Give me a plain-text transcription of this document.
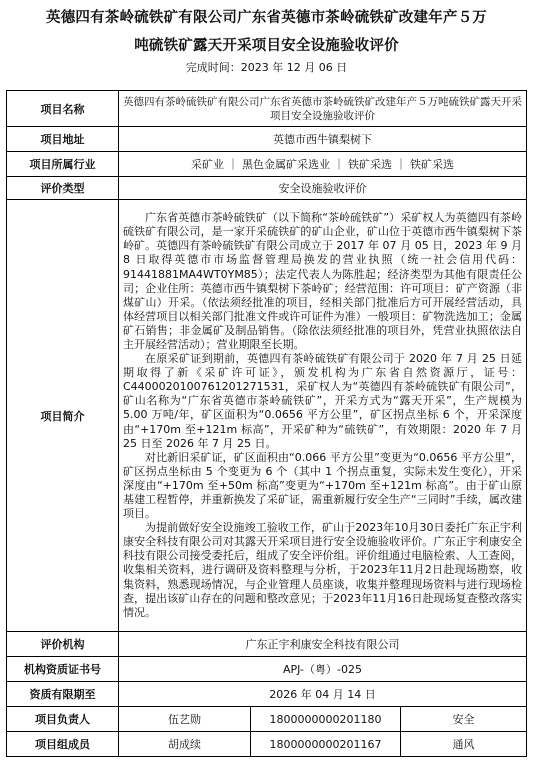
英德四有茶岭硫铁矿有限公司广东省英德市茶岭硫铁矿改建年产５万
吨硫铁矿露天开采项目安全设施验收评价
完成时间：2023 年 12 月 06 日
项目名称	英德四有茶岭硫铁矿有限公司广东省英德市茶岭硫铁矿改建年产５万吨硫铁矿露天开采项目安全设施验收评价		
项目地址	英德市西牛镇梨树下		
项目所属行业	采矿业 ｜ 黑色金属矿采选业 ｜ 铁矿采选 ｜ 铁矿采选		
评价类型	安全设施验收评价		
项目简介	广东省英德市茶岭硫铁矿（以下简称“茶岭硫铁矿”）采矿权人为英德四有茶岭硫铁矿有限公司，是一家开采硫铁矿的矿山企业，矿山位于英德市西牛镇梨树下茶岭矿。英德四有茶岭硫铁矿有限公司成立于 2017 年 07 月 05 日，2023 年 9 月 8 日取得英德市市场监督管理局换发的营业执照（统一社会信用代码：91441881MA4WT0YM85）；法定代表人为陈胜起；经济类型为其他有限责任公司；企业住所：英德市西牛镇梨树下茶岭矿；经营范围：许可项目：矿产资源（非煤矿山）开采。（依法须经批准的项目，经相关部门批准后方可开展经营活动，具体经营项目以相关部门批准文件或许可证件为准）一般项目：矿物洗选加工；金属矿石销售；非金属矿及制品销售。（除依法须经批准的项目外，凭营业执照依法自主开展经营活动）；营业期限至长期。

在原采矿证到期前，英德四有茶岭硫铁矿有限公司于 2020 年 7 月 25 日延期取得了新《采矿许可证》，颁发机构为广东省自然资源厅，证号：C4400020100761201271531，采矿权人为“英德四有茶岭硫铁矿有限公司”，矿山名称为“广东省英德市茶岭硫铁矿”，开采方式为“露天开采”，生产规模为 5.00 万吨/年，矿区面积为“0.0656 平方公里”，矿区拐点坐标 6 个，开采深度由“+170m 至+121m 标高”，开采矿种为“硫铁矿”，有效期限：2020 年 7 月 25 日至 2026 年 7 月 25 日。

对比新旧采矿证，矿区面积由“0.066 平方公里”变更为“0.0656 平方公里”，矿区拐点坐标由 5 个变更为 6 个（其中 1 个拐点重复，实际未发生变化），开采深度由“+170m 至+50m 标高”变更为“+170m 至+121m 标高”。由于矿山原基建工程暂停，并重新换发了采矿证，需重新履行安全生产“三同时”手续，属改建项目。

为提前做好安全设施竣工验收工作，矿山于2023年10月30日委托广东正宇利康安全科技有限公司对其露天开采项目进行安全设施验收评价。广东正宇利康安全科技有限公司接受委托后，组成了安全评价组。评价组通过电脑检索、人工查阅，收集相关资料，进行调研及资料整理与分析，于2023年11月2日赴现场勘察，收集资料，熟悉现场情况，与企业管理人员座谈，收集并整理现场资料与进行现场检查，提出该矿山存在的问题和整改意见；于2023年11月16日赴现场复查整改落实情况。		

评价机构	广东正宇利康安全科技有限公司		
机构资质证书号	APJ-（粤）-025		
资质有限期至	2026 年 04 月 14 日		
项目负责人	伍艺勋	1800000000201180	安全
项目组成员	胡成续	1800000000201167	通风
